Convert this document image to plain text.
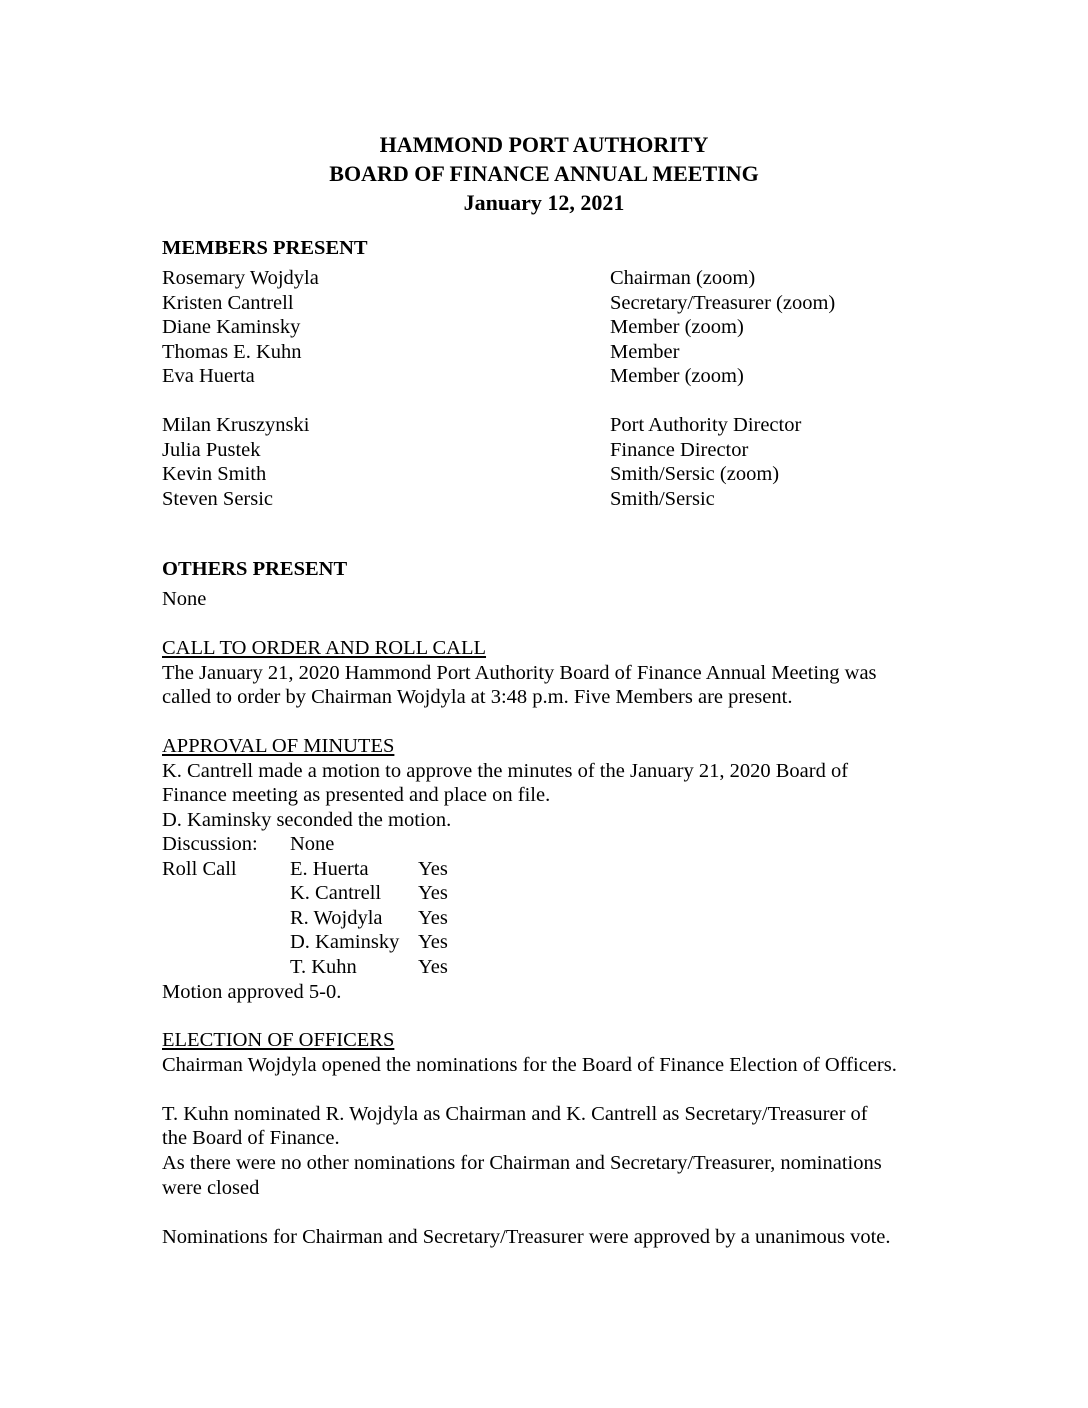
HAMMOND PORT AUTHORITY
BOARD OF FINANCE ANNUAL MEETING
January 12, 2021
MEMBERS PRESENT
Rosemary Wojdyla
Kristen Cantrell
Diane Kaminsky
Thomas E. Kuhn
Eva Huerta
Chairman (zoom)
Secretary/Treasurer (zoom)
Member (zoom)
Member
Member (zoom)
Milan Kruszynski
Julia Pustek
Kevin Smith
Steven Sersic
Port Authority Director
Finance Director
Smith/Sersic (zoom)
Smith/Sersic
OTHERS PRESENT
None
CALL TO ORDER AND ROLL CALL
The January 21, 2020 Hammond Port Authority Board of Finance Annual Meeting was
called to order by Chairman Wojdyla at 3:48 p.m. Five Members are present.
APPROVAL OF MINUTES
K. Cantrell made a motion to approve the minutes of the January 21, 2020 Board of
Finance meeting as presented and place on file.
D. Kaminsky seconded the motion.
Discussion: None
Roll Call	E. Huerta Yes
K. Cantrell Yes
R. Wojdyla Yes
D. Kaminsky Yes
T. Kuhn	Yes
Motion approved 5-0.
ELECTION OF OFFICERS
Chairman Wojdyla opened the nominations for the Board of Finance Election of Officers.
T. Kuhn nominated R. Wojdyla as Chairman and K. Cantrell as Secretary/Treasurer of
the Board of Finance.
As there were no other nominations for Chairman and Secretary/Treasurer, nominations
were closed
Nominations for Chairman and Secretary/Treasurer were approved by a unanimous vote.
